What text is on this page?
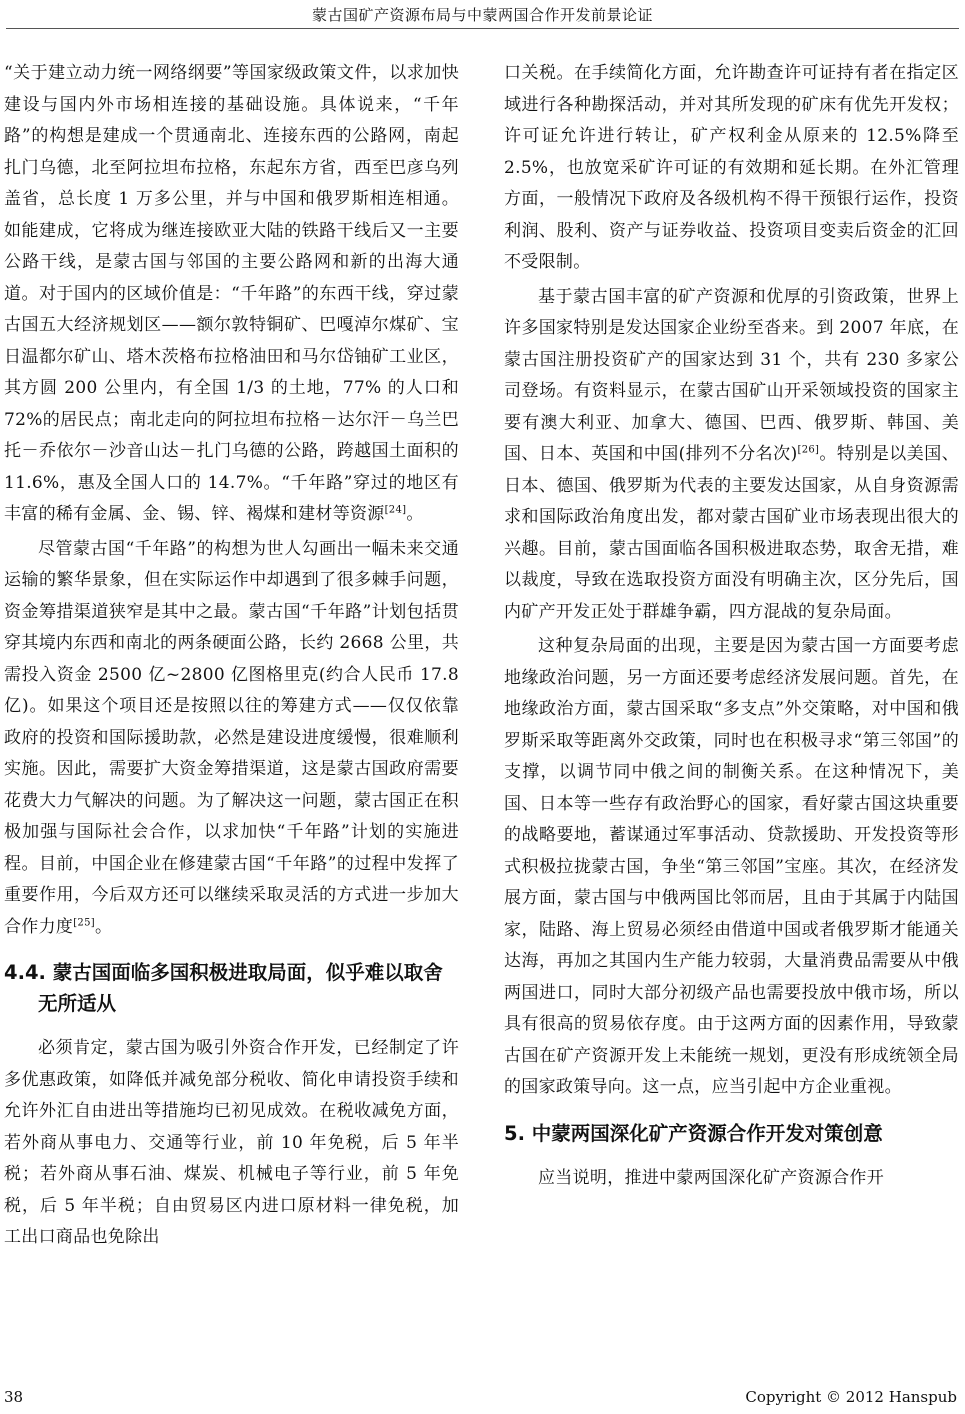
蒙古国矿产资源布局与中蒙两国合作开发前景论证

“关于建立动力统一网络纲要”等国家级政策文件，以求加快建设与国内外市场相连接的基础设施。具体说来，“千年路”的构想是建成一个贯通南北、连接东西的公路网，南起扎门乌德，北至阿拉坦布拉格，东起东方省，西至巴彦乌列盖省，总长度 1 万多公里，并与中国和俄罗斯相连相通。如能建成，它将成为继连接欧亚大陆的铁路干线后又一主要公路干线，是蒙古国与邻国的主要公路网和新的出海大通道。对于国内的区域价值是：“千年路”的东西干线，穿过蒙古国五大经济规划区——额尔敦特铜矿、巴嘎淖尔煤矿、宝日温都尔矿山、塔木茨格布拉格油田和马尔岱铀矿工业区，其方圆 200 公里内，有全国 1/3 的土地，77% 的人口和 72%的居民点；南北走向的阿拉坦布拉格－达尔汗－乌兰巴托－乔依尔－沙音山达－扎门乌德的公路，跨越国土面积的 11.6%，惠及全国人口的 14.7%。“千年路”穿过的地区有丰富的稀有金属、金、锡、锌、褐煤和建材等资源[24]。

尽管蒙古国“千年路”的构想为世人勾画出一幅未来交通运输的繁华景象，但在实际运作中却遇到了很多棘手问题，资金筹措渠道狭窄是其中之最。蒙古国“千年路”计划包括贯穿其境内东西和南北的两条硬面公路，长约 2668 公里，共需投入资金 2500 亿~2800 亿图格里克(约合人民币 17.8 亿)。如果这个项目还是按照以往的筹建方式——仅仅依靠政府的投资和国际援助款，必然是建设进度缓慢，很难顺利实施。因此，需要扩大资金筹措渠道，这是蒙古国政府需要花费大力气解决的问题。为了解决这一问题，蒙古国正在积极加强与国际社会合作，以求加快“千年路”计划的实施进程。目前，中国企业在修建蒙古国“千年路”的过程中发挥了重要作用，今后双方还可以继续采取灵活的方式进一步加大合作力度[25]。

4.4. 蒙古国面临多国积极进取局面，似乎难以取舍无所适从

必须肯定，蒙古国为吸引外资合作开发，已经制定了许多优惠政策，如降低并减免部分税收、简化申请投资手续和允许外汇自由进出等措施均已初见成效。在税收减免方面，若外商从事电力、交通等行业，前 10 年免税，后 5 年半税；若外商从事石油、煤炭、机械电子等行业，前 5 年免税，后 5 年半税；自由贸易区内进口原材料一律免税，加工出口商品也免除出

口关税。在手续简化方面，允许勘查许可证持有者在指定区域进行各种勘探活动，并对其所发现的矿床有优先开发权；许可证允许进行转让，矿产权利金从原来的 12.5%降至 2.5%，也放宽采矿许可证的有效期和延长期。在外汇管理方面，一般情况下政府及各级机构不得干预银行运作，投资利润、股利、资产与证券收益、投资项目变卖后资金的汇回不受限制。

基于蒙古国丰富的矿产资源和优厚的引资政策，世界上许多国家特别是发达国家企业纷至沓来。到 2007 年底，在蒙古国注册投资矿产的国家达到 31 个，共有 230 多家公司登场。有资料显示，在蒙古国矿山开采领域投资的国家主要有澳大利亚、加拿大、德国、巴西、俄罗斯、韩国、美国、日本、英国和中国(排列不分名次)[26]。特别是以美国、日本、德国、俄罗斯为代表的主要发达国家，从自身资源需求和国际政治角度出发，都对蒙古国矿业市场表现出很大的兴趣。目前，蒙古国面临各国积极进取态势，取舍无措，难以裁度，导致在选取投资方面没有明确主次，区分先后，国内矿产开发正处于群雄争霸，四方混战的复杂局面。

这种复杂局面的出现，主要是因为蒙古国一方面要考虑地缘政治问题，另一方面还要考虑经济发展问题。首先，在地缘政治方面，蒙古国采取“多支点”外交策略，对中国和俄罗斯采取等距离外交政策，同时也在积极寻求“第三邻国”的支撑，以调节同中俄之间的制衡关系。在这种情况下，美国、日本等一些存有政治野心的国家，看好蒙古国这块重要的战略要地，蓄谋通过军事活动、贷款援助、开发投资等形式积极拉拢蒙古国，争坐“第三邻国”宝座。其次，在经济发展方面，蒙古国与中俄两国比邻而居，且由于其属于内陆国家，陆路、海上贸易必须经由借道中国或者俄罗斯才能通关达海，再加之其国内生产能力较弱，大量消费品需要从中俄两国进口，同时大部分初级产品也需要投放中俄市场，所以具有很高的贸易依存度。由于这两方面的因素作用，导致蒙古国在矿产资源开发上未能统一规划，更没有形成统领全局的国家政策导向。这一点，应当引起中方企业重视。

5. 中蒙两国深化矿产资源合作开发对策创意

应当说明，推进中蒙两国深化矿产资源合作开

38	Copyright © 2012 Hanspub
